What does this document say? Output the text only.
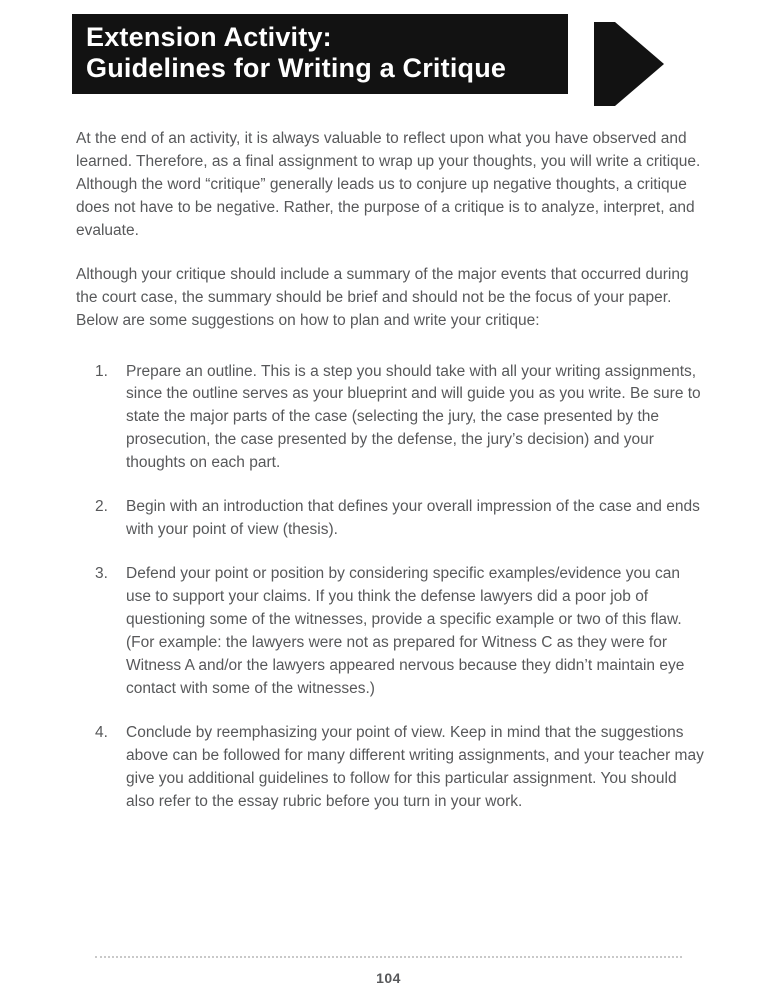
Extension Activity:
Guidelines for Writing a Critique

At the end of an activity, it is always valuable to reflect upon what you have observed and learned. Therefore, as a final assignment to wrap up your thoughts, you will write a critique. Although the word “critique” generally leads us to conjure up negative thoughts, a critique does not have to be negative. Rather, the purpose of a critique is to analyze, interpret, and evaluate.

Although your critique should include a summary of the major events that occurred during the court case, the summary should be brief and should not be the focus of your paper. Below are some suggestions on how to plan and write your critique:

1.	Prepare an outline. This is a step you should take with all your writing assignments, since the outline serves as your blueprint and will guide you as you write. Be sure to state the major parts of the case (selecting the jury, the case presented by the prosecution, the case presented by the defense, the jury’s decision) and your thoughts on each part.
2.	Begin with an introduction that defines your overall impression of the case and ends with your point of view (thesis).
3.	Defend your point or position by considering specific examples/evidence you can use to support your claims. If you think the defense lawyers did a poor job of questioning some of the witnesses, provide a specific example or two of this flaw. (For example: the lawyers were not as prepared for Witness C as they were for Witness A and/or the lawyers appeared nervous because they didn’t maintain eye contact with some of the witnesses.)
4.	Conclude by reemphasizing your point of view. Keep in mind that the suggestions above can be followed for many different writing assignments, and your teacher may give you additional guidelines to follow for this particular assignment. You should also refer to the essay rubric before you turn in your work.
104
